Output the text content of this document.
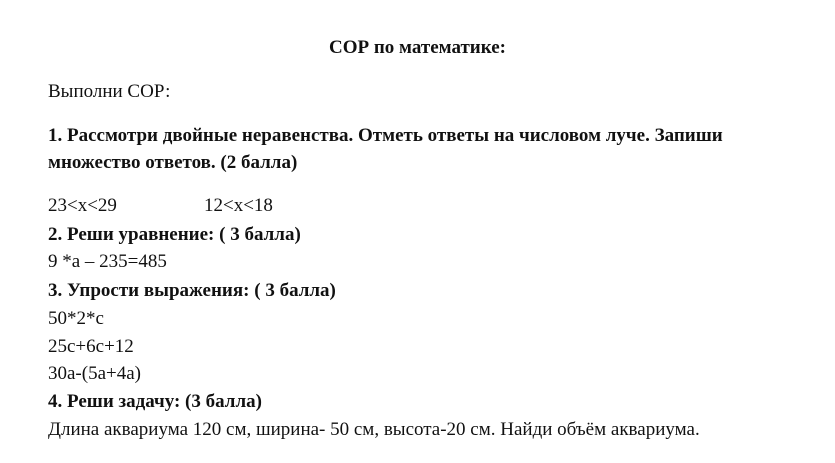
СОР по математике:
Выполни СОР:
1. Рассмотри двойные неравенства. Отметь ответы на числовом луче. Запиши
множество ответов. (2 балла)
23<x<29	12<x<18
2. Реши уравнение: ( 3 балла)
9 *a – 235=485
3. Упрости выражения: ( 3 балла)
50*2*c
25c+6c+12
30a-(5a+4a)
4. Реши задачу: (3 балла)
Длина аквариума 120 см, ширина- 50 см, высота-20 см. Найди объём аквариума.
